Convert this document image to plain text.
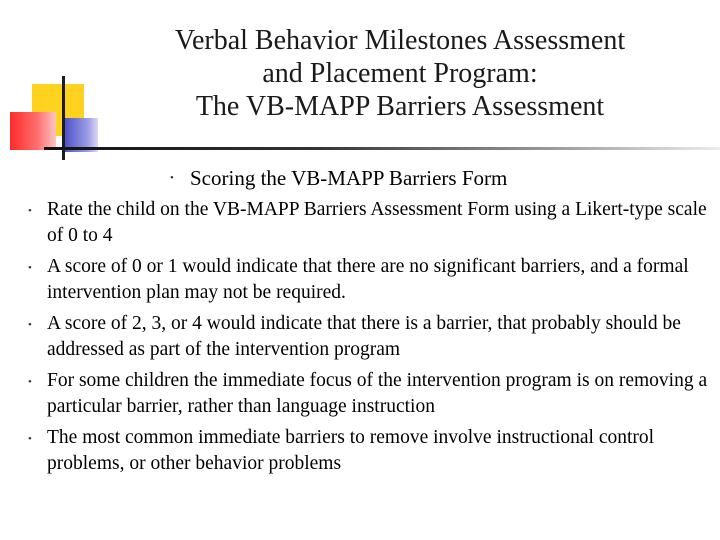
Verbal Behavior Milestones Assessment
and Placement Program:
The VB-MAPP Barriers Assessment
• Scoring the VB-MAPP Barriers Form
• Rate the child on the VB-MAPP Barriers Assessment Form using a Likert-type scale of 0 to 4
• A score of 0 or 1 would indicate that there are no significant barriers, and a formal intervention plan may not be required.
• A score of 2, 3, or 4 would indicate that there is a barrier, that probably should be addressed as part of the intervention program
• For some children the immediate focus of the intervention program is on removing a particular barrier, rather than language instruction
• The most common immediate barriers to remove involve instructional control problems, or other behavior problems
